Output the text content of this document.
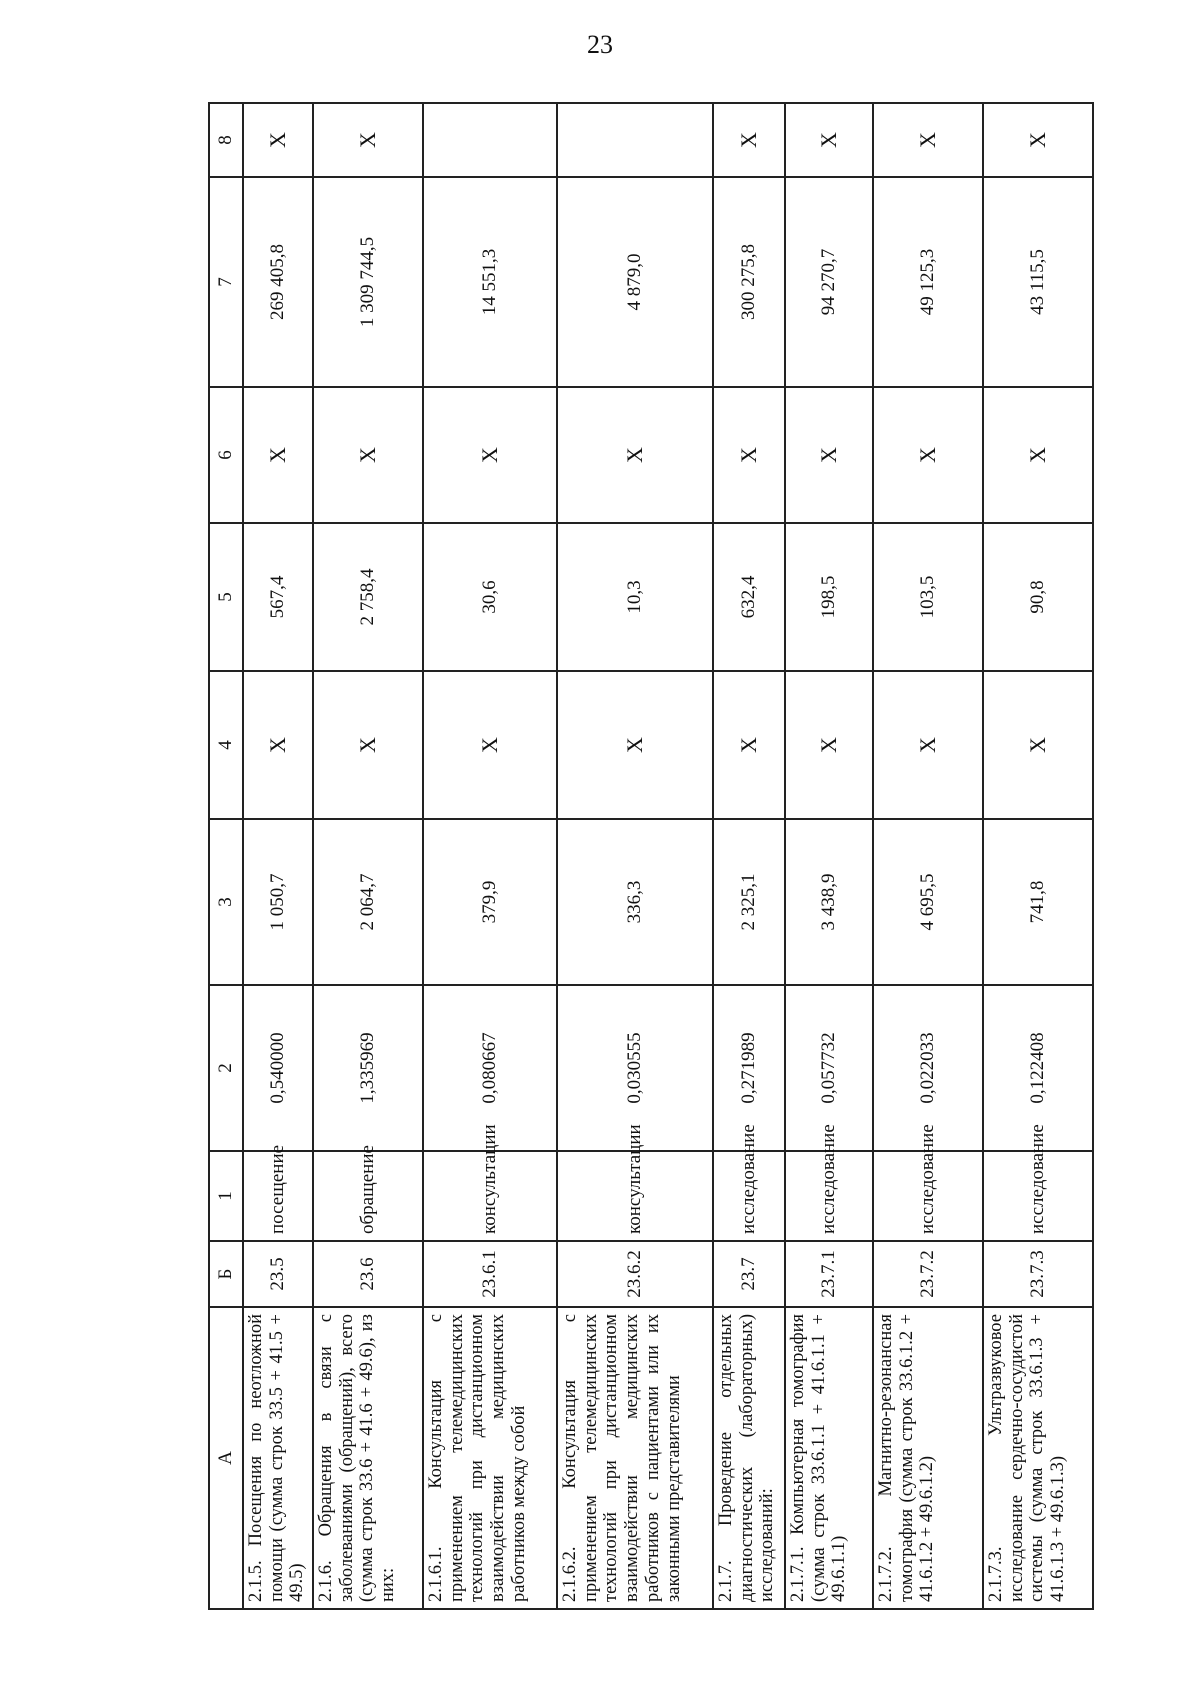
23
А	Б	1	2	3	4	5	6	7	8
2.1.5. Посещения по неотложной помощи (сумма строк 33.5 + 41.5 + 49.5)	23.5	посещение	0,540000	1 050,7	X	567,4	X	269 405,8	X
2.1.6. Обращения в связи с заболеваниями (обращений), всего (сумма строк 33.6 + 41.6 + 49.6), из них:	23.6	обращение	1,335969	2 064,7	X	2 758,4	X	1 309 744,5	X
2.1.6.1. Консультация с применением телемедицинских технологий при дистанционном взаимодействии медицинских работников между собой	23.6.1	консультации	0,080667	379,9	X	30,6	X	14 551,3	
2.1.6.2. Консультация с применением телемедицинских технологий при дистанционном взаимодействии медицинских работников с пациентами или их законными представителями	23.6.2	консультации	0,030555	336,3	X	10,3	X	4 879,0	
2.1.7. Проведение отдельных диагностических (лабораторных) исследований:	23.7	исследование	0,271989	2 325,1	X	632,4	X	300 275,8	X
2.1.7.1. Компьютерная томография (сумма строк 33.6.1.1 + 41.6.1.1 + 49.6.1.1)	23.7.1	исследование	0,057732	3 438,9	X	198,5	X	94 270,7	X
2.1.7.2. Магнитно-резонансная томография (сумма строк 33.6.1.2 + 41.6.1.2 + 49.6.1.2)	23.7.2	исследование	0,022033	4 695,5	X	103,5	X	49 125,3	X
2.1.7.3. Ультразвуковое исследование сердечно-сосудистой системы (сумма строк 33.6.1.3 + 41.6.1.3 + 49.6.1.3)	23.7.3	исследование	0,122408	741,8	X	90,8	X	43 115,5	X
